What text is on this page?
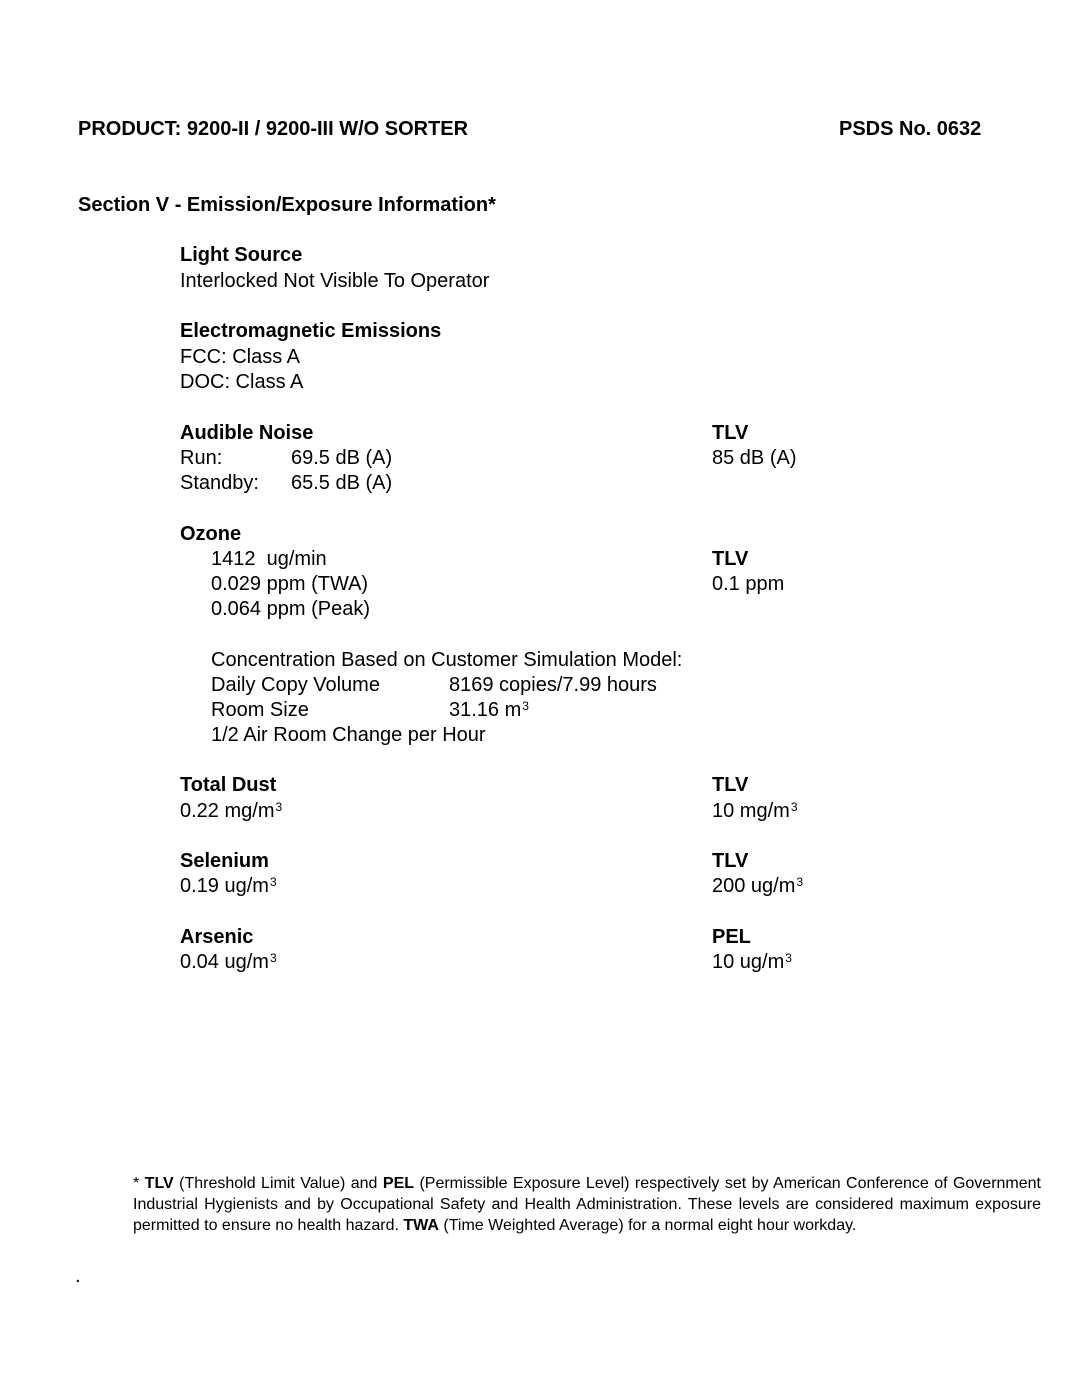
PRODUCT: 9200-II / 9200-III W/O SORTER	PSDS No. 0632
Section V - Emission/Exposure Information*
Light Source
Interlocked Not Visible To Operator
Electromagnetic Emissions
FCC: Class A
DOC: Class A
Audible Noise	TLV
Run:	69.5 dB (A)	85 dB (A)
Standby: 65.5 dB (A)
Ozone
1412  ug/min	TLV
0.029 ppm (TWA)	0.1 ppm
0.064 ppm (Peak)
Concentration Based on Customer Simulation Model:
Daily Copy Volume	8169 copies/7.99 hours
Room Size	31.16 $m^3$
1/2 Air Room Change per Hour
Total Dust	TLV
0.22 $mg/m^3$	10 $mg/m^3$
Selenium	TLV
0.19 $ug/m^3$	200 $ug/m^3$
Arsenic	PEL
0.04 $ug/m^3$	10 $ug/m^3$
* TLV (Threshold Limit Value) and PEL (Permissible Exposure Level) respectively set by American Conference of Government Industrial Hygienists and by Occupational Safety and Health Administration. These levels are considered maximum exposure permitted to ensure no health hazard. TWA (Time Weighted Average) for a normal eight hour workday.
.
